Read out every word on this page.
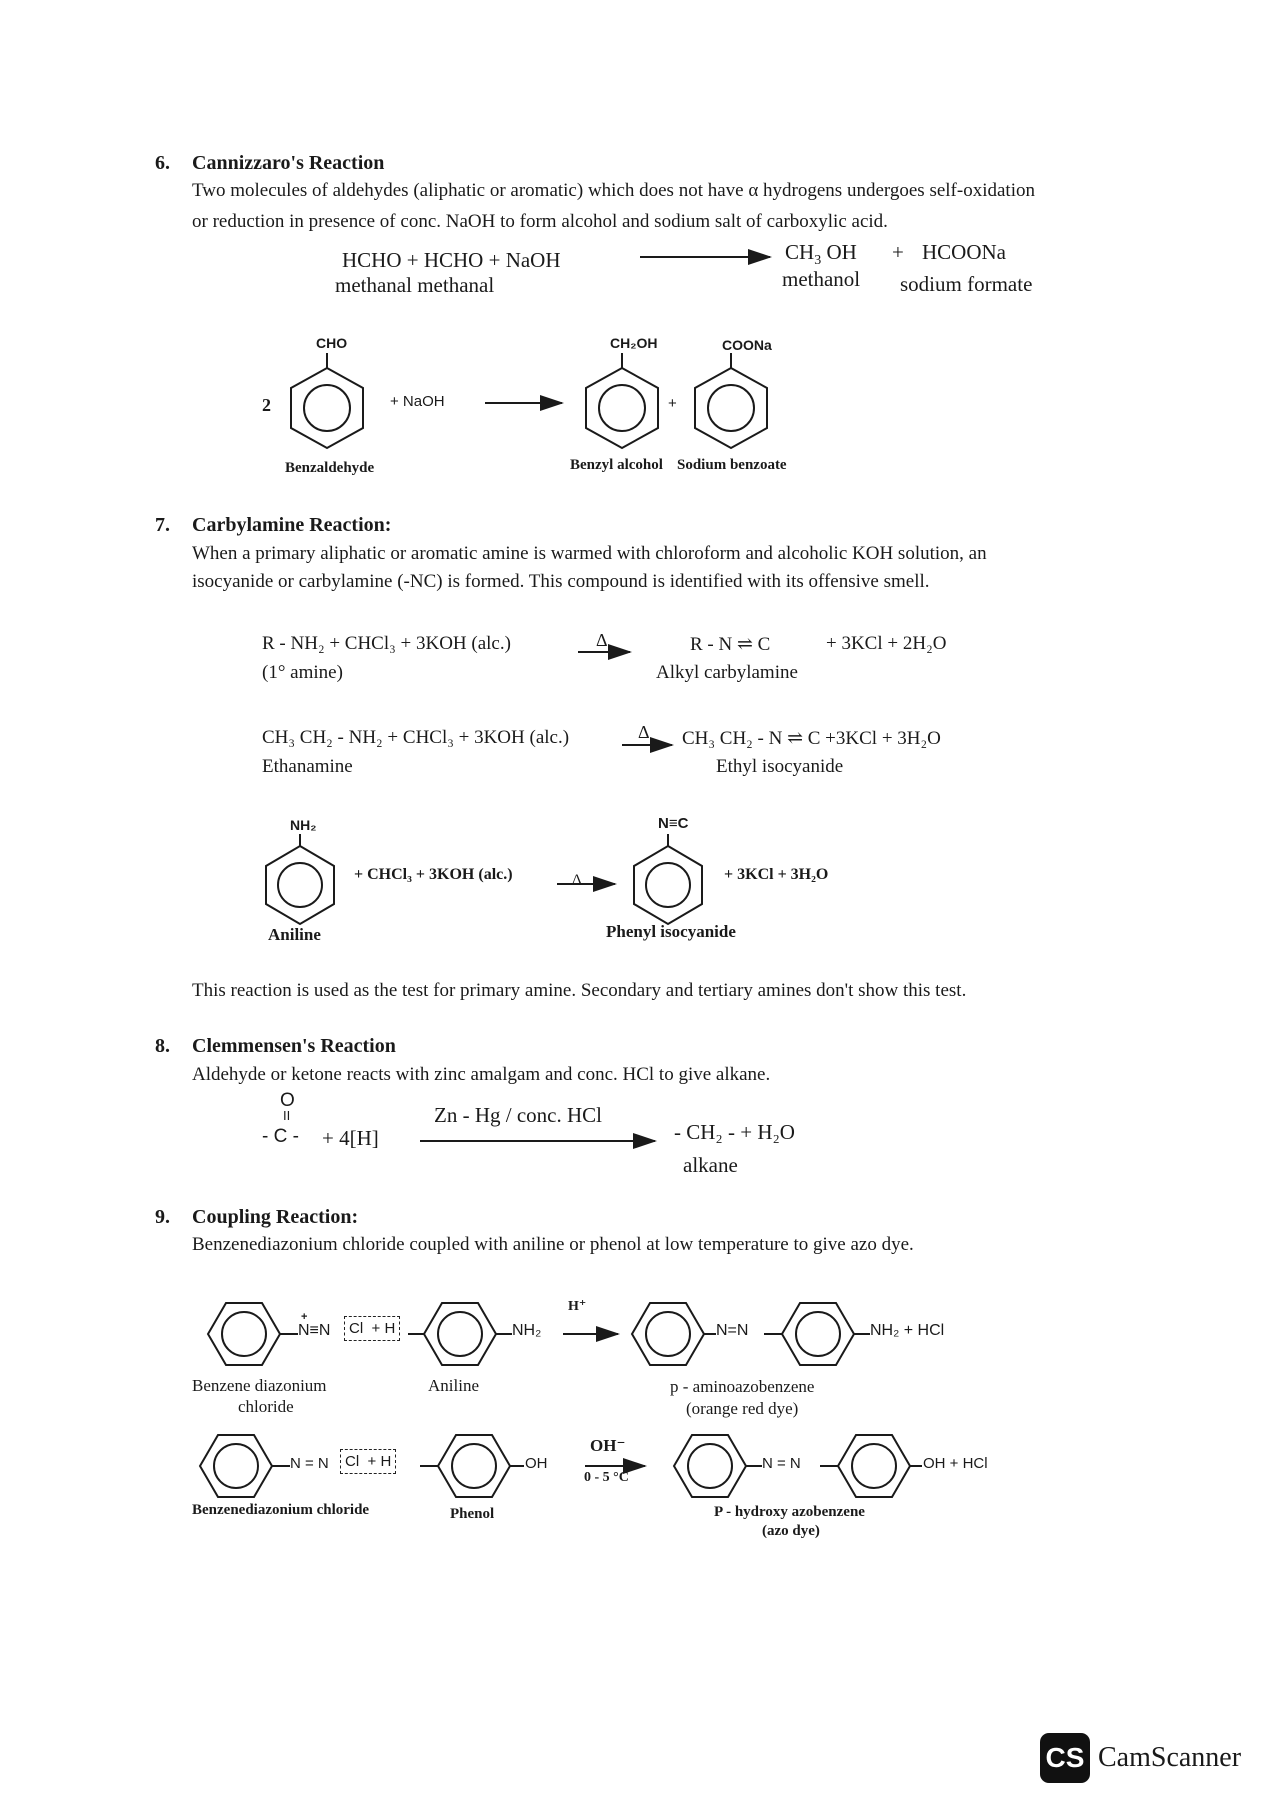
6. Cannizzaro's Reaction
Two molecules of aldehydes (aliphatic or aromatic) which does not have α hydrogens undergoes self-oxidation
or reduction in presence of conc. NaOH to form alcohol and sodium salt of carboxylic acid.
HCHO + HCHO + NaOH
methanal methanal
$CH_3$ OH + HCOONa
methanol sodium formate
CHO
2	+ NaOH
CH₂OH	COONa
+
Benzaldehyde	Benzyl alcohol Sodium benzoate
7. Carbylamine Reaction:
When a primary aliphatic or aromatic amine is warmed with chloroform and alcoholic KOH solution, an
isocyanide or carbylamine (-NC) is formed. This compound is identified with its offensive smell.
R - NH₂ + CHCl₃ + 3KOH (alc.)	Δ	R - N ⇌ C	+ 3KCl + 2H₂O
(1° amine)	Alkyl carbylamine
CH₃ CH₂ - NH₂ + CHCl₃ + 3KOH (alc.)	Δ CH₃ CH₂ - N ⇌ C +3KCl + 3H₂O
Ethanamine	Ethyl isocyanide
NH₂
+ CHCl₃ + 3KOH (alc.)	Δ
N≡C
+ 3KCl + 3H₂O
Aniline	Phenyl isocyanide
This reaction is used as the test for primary amine. Secondary and tertiary amines don't show this test.
8. Clemmensen's Reaction
Aldehyde or ketone reacts with zinc amalgam and conc. HCl to give alkane.
O
II
- C - + 4[H]
Zn - Hg / conc. HCl
- CH₂ - + H₂O
alkane
9. Coupling Reaction:
Benzenediazonium chloride coupled with aniline or phenol at low temperature to give azo dye.
+
N≡N	Cl + H	NH₂
H⁺
N=N	NH₂ + HCl
Benzene diazonium
chloride
Aniline	p - aminoazobenzene
(orange red dye)
N = N	Cl + H	OH
OH⁻
0 - 5 °C
N = N	OH + HCl
Benzenediazonium chloride	Phenol	P - hydroxy azobenzene
(azo dye)
CS CamScanner
